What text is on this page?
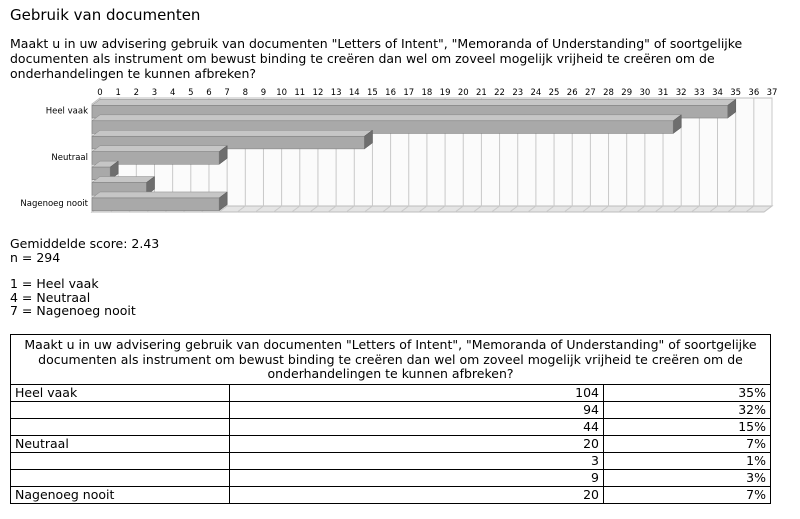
Gebruik van documenten
Maakt u in uw advisering gebruik van documenten "Letters of Intent", "Memoranda of Understanding" of soortgelijke documenten als instrument om bewust binding te creëren dan wel om zoveel mogelijk vrijheid te creëren om de onderhandelingen te kunnen afbreken?
0 1 2 3 4 5 6 7 8 9 10 11 12 13 14 15 16 17 18 19 20 21 22 23 24 25 26 27 28 29 30 31 32 33 34 35 36 37
Heel vaak
Neutraal
Nagenoeg nooit
Gemiddelde score: 2.43
n = 294
1 = Heel vaak
4 = Neutraal
7 = Nagenoeg nooit
Maakt u in uw advisering gebruik van documenten "Letters of Intent", "Memoranda of Understanding" of soortgelijke documenten als instrument om bewust binding te creëren dan wel om zoveel mogelijk vrijheid te creëren om de onderhandelingen te kunnen afbreken?		
Heel vaak	104	35%
	94	32%
	44	15%
Neutraal	20	7%
	3	1%
	9	3%
Nagenoeg nooit	20	7%
